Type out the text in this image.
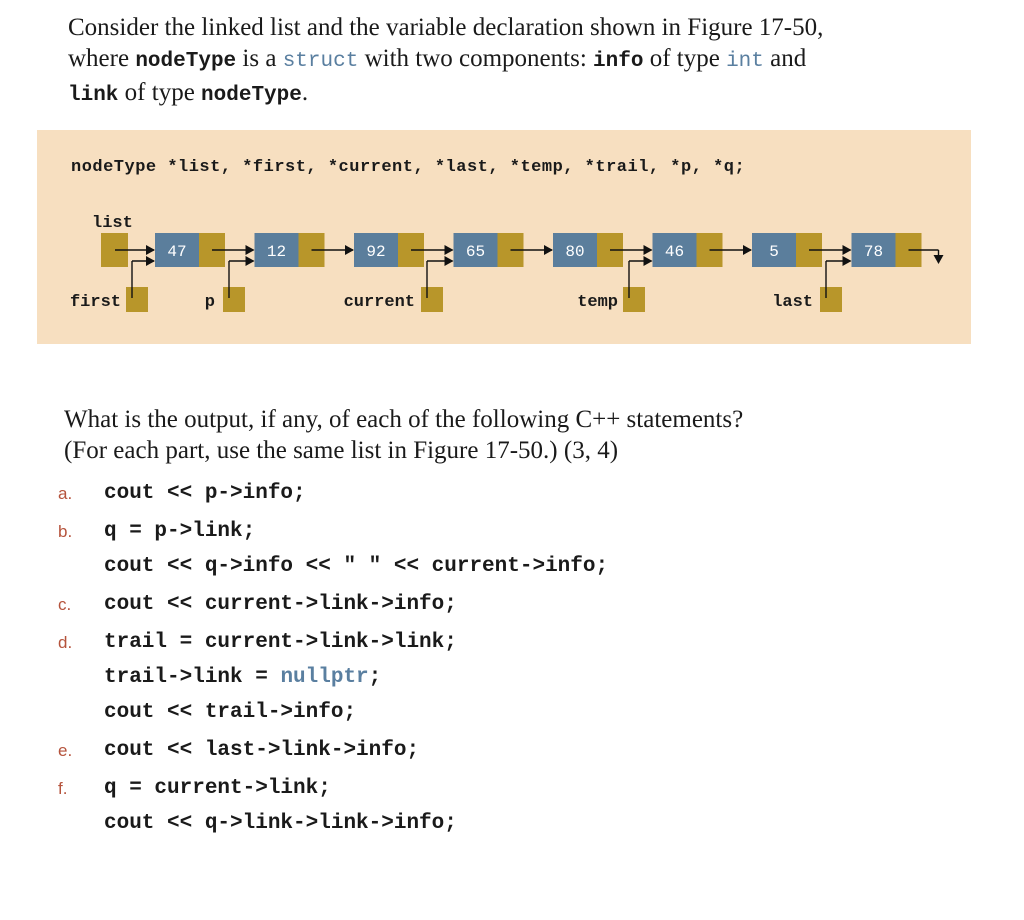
Consider the linked list and the variable declaration shown in Figure 17-50,
where nodeType is a struct with two components: info of type int and
link of type nodeType.
nodeType *list, *first, *current, *last, *temp, *trail, *p, *q;
list
47	12	92	65	80	46	5	78
first	p	current	temp	last
What is the output, if any, of each of the following C++ statements?
(For each part, use the same list in Figure 17-50.) (3, 4)
a. cout << p->info;
b. q = p->link;
cout << q->info << " " << current->info;
c. cout << current->link->info;
d. trail = current->link->link;
trail->link = nullptr;
cout << trail->info;
e. cout << last->link->info;
f. q = current->link;
cout << q->link->link->info;
